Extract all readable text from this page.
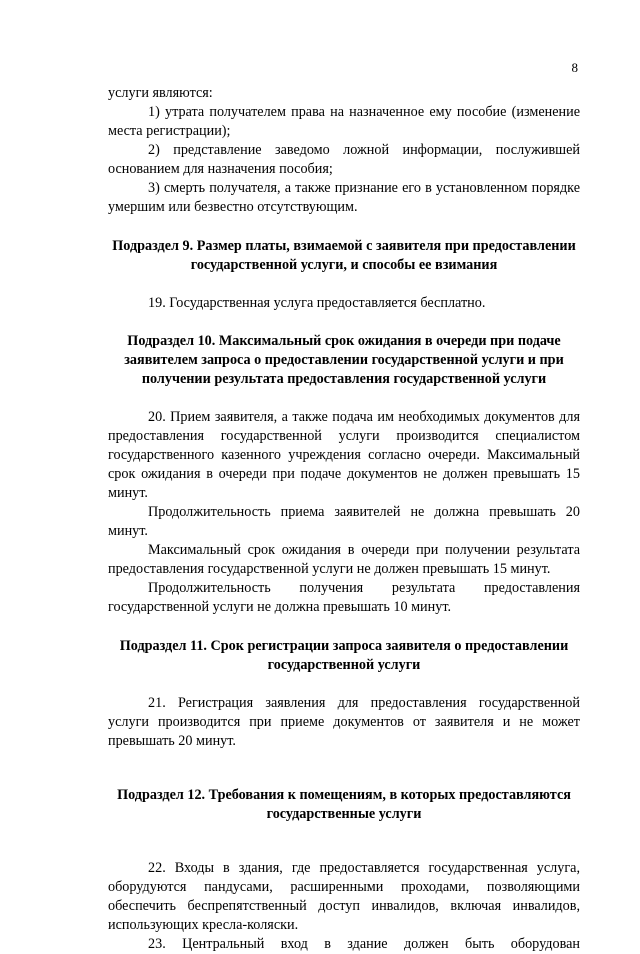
8

услуги являются:

1) утрата получателем права на назначенное ему пособие (изменение места регистрации);

2) представление заведомо ложной информации, послужившей основанием для назначения пособия;

3) смерть получателя, а также признание его в установленном порядке умершим или безвестно отсутствующим.

Подраздел 9. Размер платы, взимаемой с заявителя при предоставлении государственной услуги, и способы ее взимания

19. Государственная услуга предоставляется бесплатно.

Подраздел 10. Максимальный срок ожидания в очереди при подаче заявителем запроса о предоставлении государственной услуги и при получении результата предоставления государственной услуги

20. Прием заявителя, а также подача им необходимых документов для предоставления государственной услуги производится специалистом государственного казенного учреждения согласно очереди. Максимальный срок ожидания в очереди при подаче документов не должен превышать 15 минут.

Продолжительность приема заявителей не должна превышать 20 минут.

Максимальный срок ожидания в очереди при получении результата предоставления государственной услуги не должен превышать 15 минут.

Продолжительность получения результата предоставления государственной услуги не должна превышать 10 минут.

Подраздел 11. Срок регистрации запроса заявителя о предоставлении государственной услуги

21. Регистрация заявления для предоставления государственной услуги производится при приеме документов от заявителя и не может превышать 20 минут.

Подраздел 12. Требования к помещениям, в которых предоставляются государственные услуги

22. Входы в здания, где предоставляется государственная услуга, оборудуются пандусами, расширенными проходами, позволяющими обеспечить беспрепятственный доступ инвалидов, включая инвалидов, использующих кресла-коляски.

23. Центральный вход в здание должен быть оборудован
